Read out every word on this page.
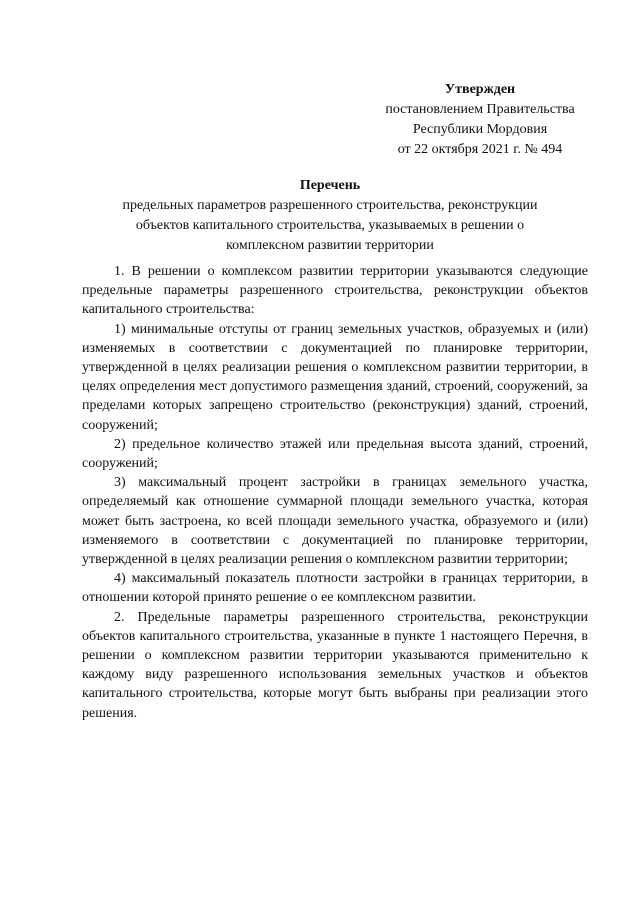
Утвержден
постановлением Правительства
Республики Мордовия
от 22 октября 2021 г. № 494
Перечень
предельных параметров разрешенного строительства, реконструкции
объектов капитального строительства, указываемых в решении о
комплексном развитии территории

1. В решении о комплексом развитии территории указываются следующие предельные параметры разрешенного строительства, реконструкции объектов капитального строительства:

1) минимальные отступы от границ земельных участков, образуемых и (или) изменяемых в соответствии с документацией по планировке территории, утвержденной в целях реализации решения о комплексном развитии территории, в целях определения мест допустимого размещения зданий, строений, сооружений, за пределами которых запрещено строительство (реконструкция) зданий, строений, сооружений;

2) предельное количество этажей или предельная высота зданий, строений, сооружений;

3) максимальный процент застройки в границах земельного участка, определяемый как отношение суммарной площади земельного участка, которая может быть застроена, ко всей площади земельного участка, образуемого и (или) изменяемого в соответствии с документацией по планировке территории, утвержденной в целях реализации решения о комплексном развитии территории;

4) максимальный показатель плотности застройки в границах территории, в отношении которой принято решение о ее комплексном развитии.

2. Предельные параметры разрешенного строительства, реконструкции объектов капитального строительства, указанные в пункте 1 настоящего Перечня, в решении о комплексном развитии территории указываются применительно к каждому виду разрешенного использования земельных участков и объектов капитального строительства, которые могут быть выбраны при реализации этого решения.
